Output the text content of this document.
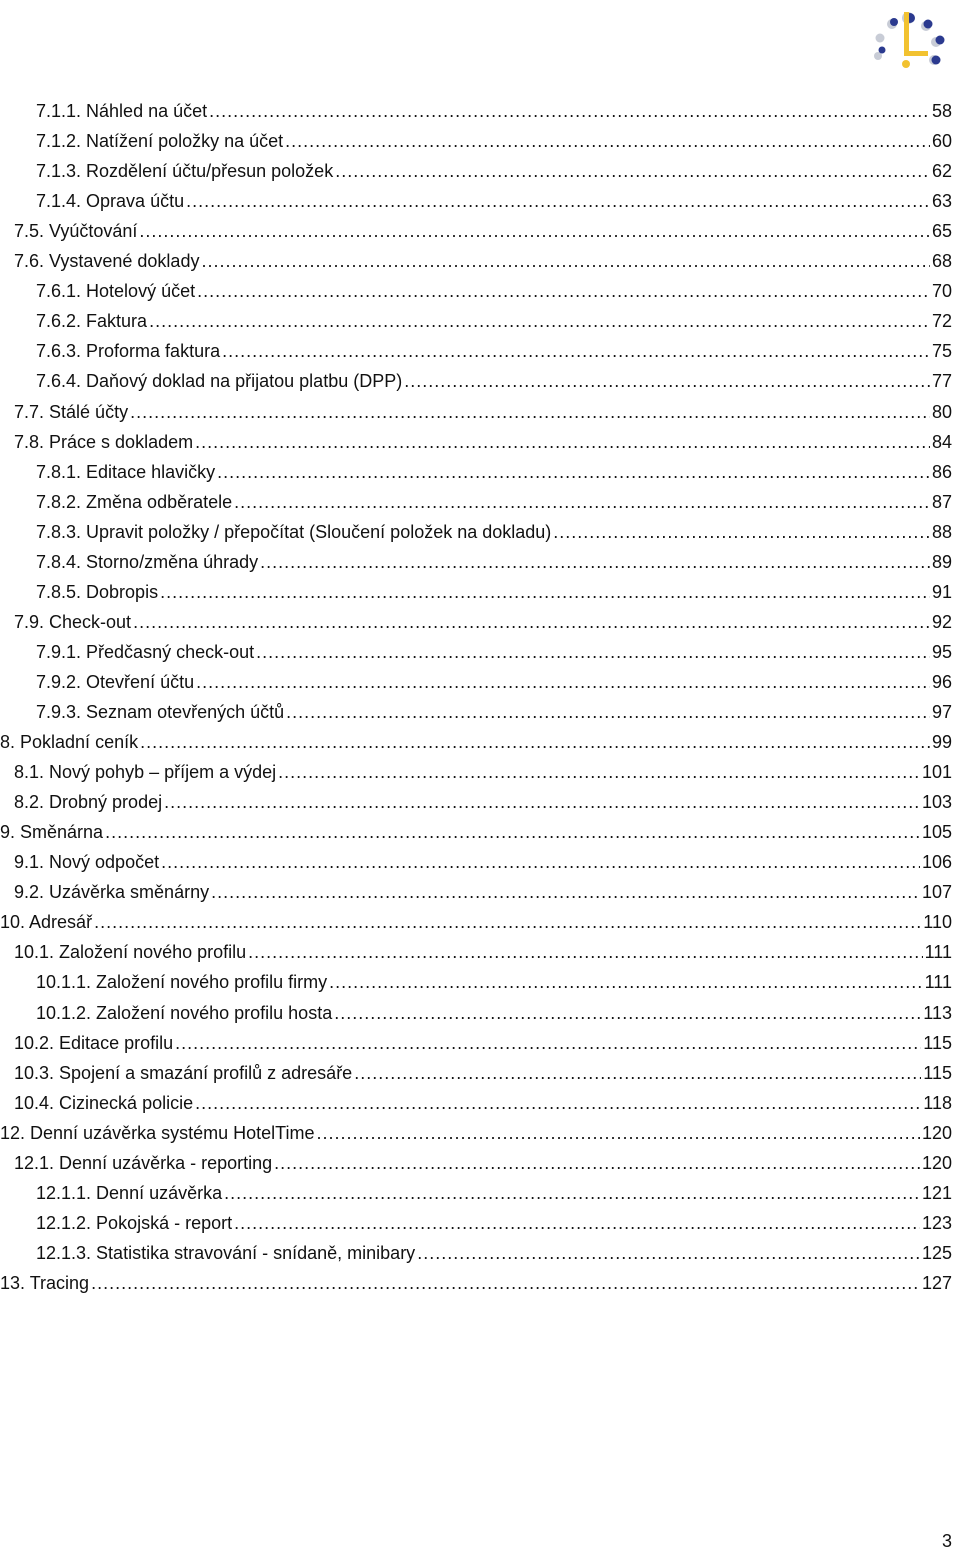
7.1.1. Náhled na účet .....	58
7.1.2. Natížení položky na účet .....	60
7.1.3. Rozdělení účtu/přesun položek .....	62
7.1.4. Oprava účtu .....	63
7.5. Vyúčtování .....	65
7.6. Vystavené doklady .....	68
7.6.1. Hotelový účet .....	70
7.6.2. Faktura .....	72
7.6.3. Proforma faktura .....	75
7.6.4. Daňový doklad na přijatou platbu (DPP) .....	77
7.7. Stálé účty .....	80
7.8. Práce s dokladem .....	84
7.8.1. Editace hlavičky .....	86
7.8.2. Změna odběratele .....	87
7.8.3. Upravit položky / přepočítat (Sloučení položek na dokladu) .....	88
7.8.4. Storno/změna úhrady .....	89
7.8.5. Dobropis .....	91
7.9. Check-out .....	92
7.9.1. Předčasný check-out .....	95
7.9.2. Otevření účtu .....	96
7.9.3. Seznam otevřených účtů .....	97
8. Pokladní ceník .....	99
8.1. Nový pohyb – příjem a výdej .....	101
8.2. Drobný prodej .....	103
9. Směnárna .....	105
9.1. Nový odpočet .....	106
9.2. Uzávěrka směnárny .....	107
10. Adresář .....	110
10.1. Založení nového profilu .....	111
10.1.1. Založení nového profilu firmy .....	111
10.1.2. Založení nového profilu hosta .....	113
10.2. Editace profilu .....	115
10.3. Spojení a smazání profilů z adresáře .....	115
10.4. Cizinecká policie .....	118
12. Denní uzávěrka systému HotelTime .....	120
12.1. Denní uzávěrka - reporting .....	120
12.1.1. Denní uzávěrka .....	121
12.1.2. Pokojská - report .....	123
12.1.3. Statistika stravování - snídaně, minibary .....	125
13. Tracing .....	127
3
